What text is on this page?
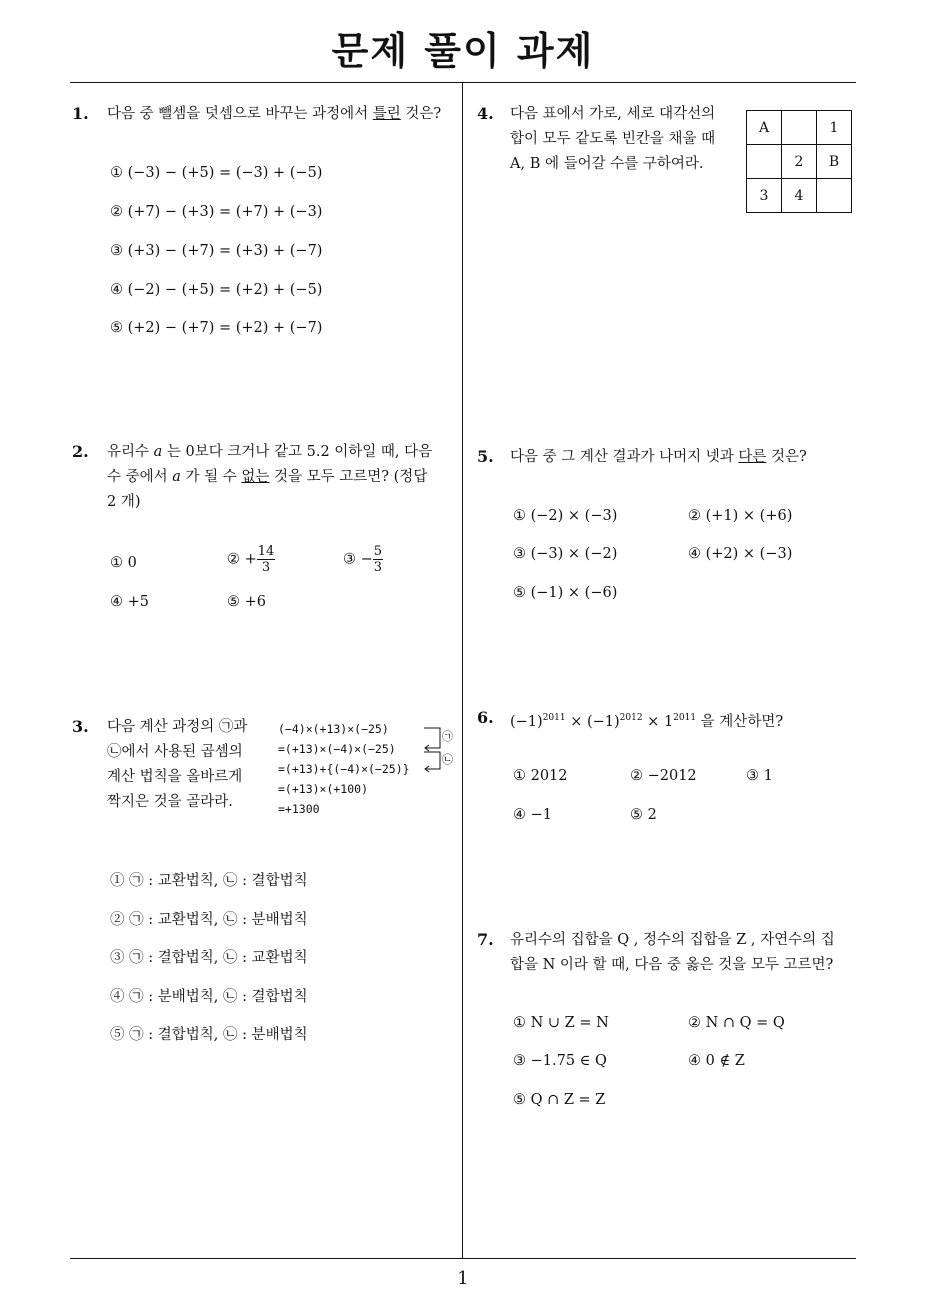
문제 풀이 과제
1
1. 다음 중 뺄셈을 덧셈으로 바꾸는 과정에서 틀린 것은?
① (−3) − (+5) = (−3) + (−5)
② (+7) − (+3) = (+7) + (−3)
③ (+3) − (+7) = (+3) + (−7)
④ (−2) − (+5) = (+2) + (−5)
⑤ (+2) − (+7) = (+2) + (−7)
2. 유리수 a 는 0보다 크거나 같고 5.2 이하일 때, 다음
수 중에서 a 가 될 수 없는 것을 모두 고르면? (정답
2 개)
① 0	② + $\frac{14}{3}$	③ − $\frac{5}{3}$
④ +5	⑤ +6
3. 다음 계산 과정의 ㉠과
㉡에서 사용된 곱셈의
계산 법칙을 올바르게
짝지은 것을 골라라.
(−4)×(+13)×(−25)
=(+13)×(−4)×(−25)
=(+13)+{(−4)×(−25)}
=(+13)×(+100)
=+1300
㉠
㉡
① ㉠ : 교환법칙, ㉡ : 결합법칙
② ㉠ : 교환법칙, ㉡ : 분배법칙
③ ㉠ : 결합법칙, ㉡ : 교환법칙
④ ㉠ : 분배법칙, ㉡ : 결합법칙
⑤ ㉠ : 결합법칙, ㉡ : 분배법칙
4. 다음 표에서 가로, 세로 대각선의
합이 모두 같도록 빈칸을 채울 때
A, B 에 들어갈 수를 구하여라.
A		1
	2	B
3	4	
5. 다음 중 그 계산 결과가 나머지 넷과 다른 것은?
① (−2) × (−3)	② (+1) × (+6)
③ (−3) × (−2)	④ (+2) × (−3)
⑤ (−1) × (−6)
6. $(-1)^{2011} \times (-1)^{2012} \times 1^{2011}$ 을 계산하면?
① 2012	② −2012	③ 1
④ −1	⑤ 2
7. 유리수의 집합을 Q , 정수의 집합을 Z , 자연수의 집
합을 N 이라 할 때, 다음 중 옳은 것을 모두 고르면?
① N ∪ Z = N	② N ∩ Q = Q
③ −1.75 ∈ Q	④ 0 ∉ Z
⑤ Q ∩ Z = Z
